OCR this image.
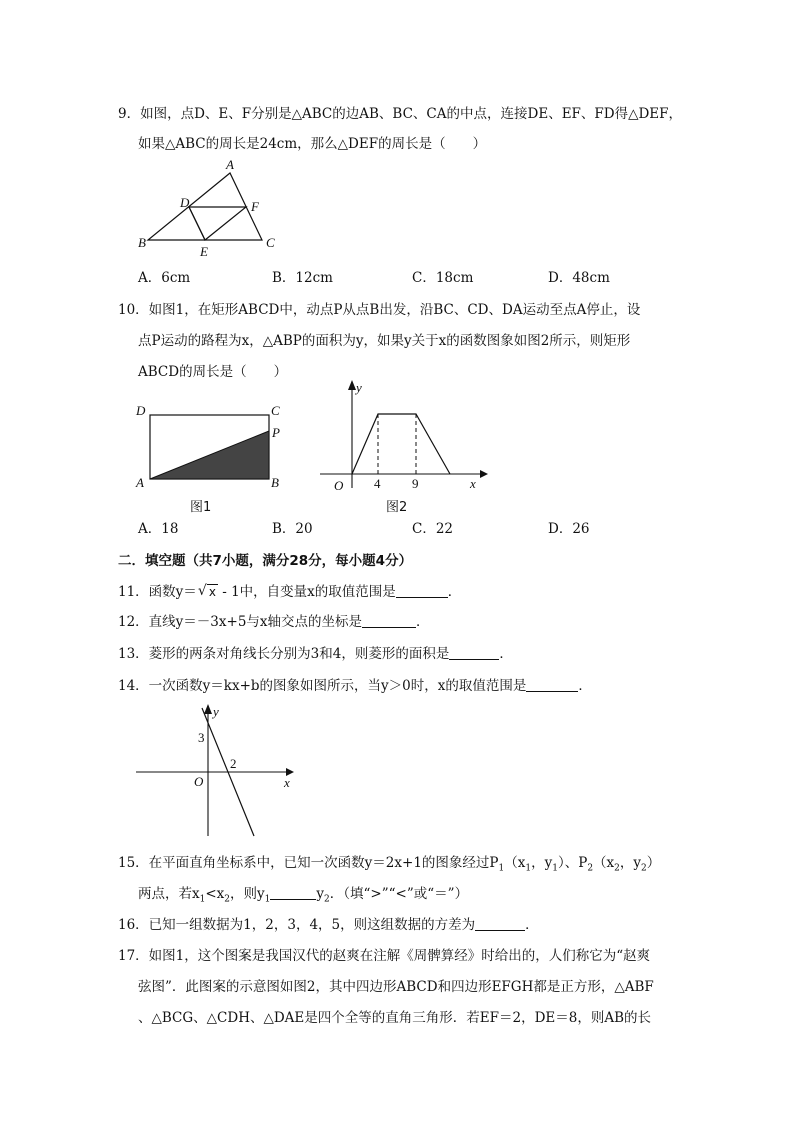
9．如图，点D、E、F分别是△ABC的边AB、BC、CA的中点，连接DE、EF、FD得△DEF，
如果△ABC的周长是24cm，那么△DEF的周长是（　　）
A
D	F
B
E
C
A．6cm	B．12cm	C．18cm	D．48cm
10．如图1，在矩形ABCD中，动点P从点B出发，沿BC、CD、DA运动至点A停止，设
点P运动的路程为x，△ABP的面积为y，如果y关于x的函数图象如图2所示，则矩形
ABCD的周长是（　　）
D	C
P
A	B
图1
y
x
O 4 9
图2
A．18	B．20	C．22	D．26
二．填空题（共7小题，满分28分，每小题4分）
11．函数y＝ √ x - 1中，自变量x的取值范围是	．
12．直线y＝－3x+5与x轴交点的坐标是	．
13．菱形的两条对角线长分别为3和4，则菱形的面积是	．
14．一次函数y＝kx+b的图象如图所示，当y＞0时，x的取值范围是	．
y
x
O
3
2
15．在平面直角坐标系中，已知一次函数y＝2x+1的图象经过$P_1(x_1$，$y_1$）、$P_2(x_2$，$y_2$）
两点，若$x_1<x_2$，则$y_1$	$y_2$．（填“>”“<”或“＝”）
16．已知一组数据为1，2，3，4，5，则这组数据的方差为	．
17．如图1，这个图案是我国汉代的赵爽在注解《周髀算经》时给出的，人们称它为“赵爽
弦图”．此图案的示意图如图2，其中四边形ABCD和四边形EFGH都是正方形，△ABF
、△BCG、△CDH、△DAE是四个全等的直角三角形．若EF＝2，DE＝8，则AB的长
